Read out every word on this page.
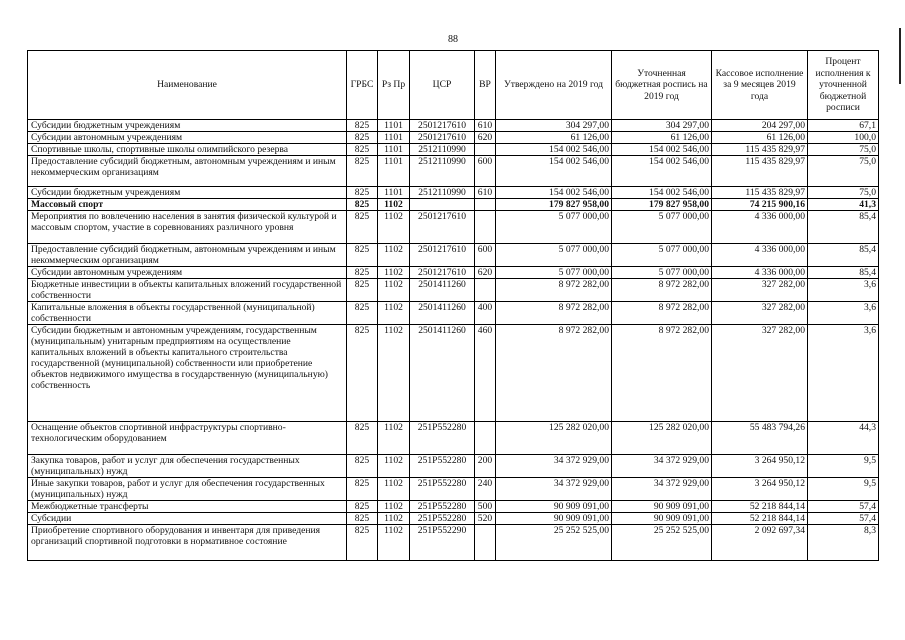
88
Наименование	ГРБС	Рз Пр	ЦСР	ВР	Утверждено на 2019 год	Уточненная бюджетная роспись на 2019 год	Кассовое исполнение за 9 месяцев 2019 года	Процент исполнения к уточненной бюджетной росписи
Субсидии бюджетным учреждениям	825	1101	2501217610	610	304 297,00	304 297,00	204 297,00	67,1
Субсидии автономным учреждениям	825	1101	2501217610	620	61 126,00	61 126,00	61 126,00	100,0
Спортивные школы, спортивные школы олимпийского резерва	825	1101	2512110990		154 002 546,00	154 002 546,00	115 435 829,97	75,0
Предоставление субсидий бюджетным, автономным учреждениям и иным некоммерческим организациям	825	1101	2512110990	600	154 002 546,00	154 002 546,00	115 435 829,97	75,0
Субсидии бюджетным учреждениям	825	1101	2512110990	610	154 002 546,00	154 002 546,00	115 435 829,97	75,0
Массовый спорт	825	1102			179 827 958,00	179 827 958,00	74 215 900,16	41,3
Мероприятия по вовлечению населения в занятия физической культурой и массовым спортом, участие в соревнованиях различного уровня	825	1102	2501217610		5 077 000,00	5 077 000,00	4 336 000,00	85,4
Предоставление субсидий бюджетным, автономным учреждениям и иным некоммерческим организациям	825	1102	2501217610	600	5 077 000,00	5 077 000,00	4 336 000,00	85,4
Субсидии автономным учреждениям	825	1102	2501217610	620	5 077 000,00	5 077 000,00	4 336 000,00	85,4
Бюджетные инвестиции в объекты капитальных вложений государственной собственности	825	1102	2501411260		8 972 282,00	8 972 282,00	327 282,00	3,6
Капитальные вложения в объекты государственной (муниципальной) собственности	825	1102	2501411260	400	8 972 282,00	8 972 282,00	327 282,00	3,6
Субсидии бюджетным и автономным учреждениям, государственным (муниципальным) унитарным предприятиям на осуществление капитальных вложений в объекты капитального строительства государственной (муниципальной) собственности или приобретение объектов недвижимого имущества в государственную (муниципальную) собственность	825	1102	2501411260	460	8 972 282,00	8 972 282,00	327 282,00	3,6
Оснащение объектов спортивной инфраструктуры спортивно-технологическим оборудованием	825	1102	251P552280		125 282 020,00	125 282 020,00	55 483 794,26	44,3
Закупка товаров, работ и услуг для обеспечения государственных (муниципальных) нужд	825	1102	251P552280	200	34 372 929,00	34 372 929,00	3 264 950,12	9,5
Иные закупки товаров, работ и услуг для обеспечения государственных (муниципальных) нужд	825	1102	251P552280	240	34 372 929,00	34 372 929,00	3 264 950,12	9,5
Межбюджетные трансферты	825	1102	251P552280	500	90 909 091,00	90 909 091,00	52 218 844,14	57,4
Субсидии	825	1102	251P552280	520	90 909 091,00	90 909 091,00	52 218 844,14	57,4
Приобретение спортивного оборудования и инвентаря для приведения организаций спортивной подготовки в нормативное состояние	825	1102	251P552290		25 252 525,00	25 252 525,00	2 092 697,34	8,3
